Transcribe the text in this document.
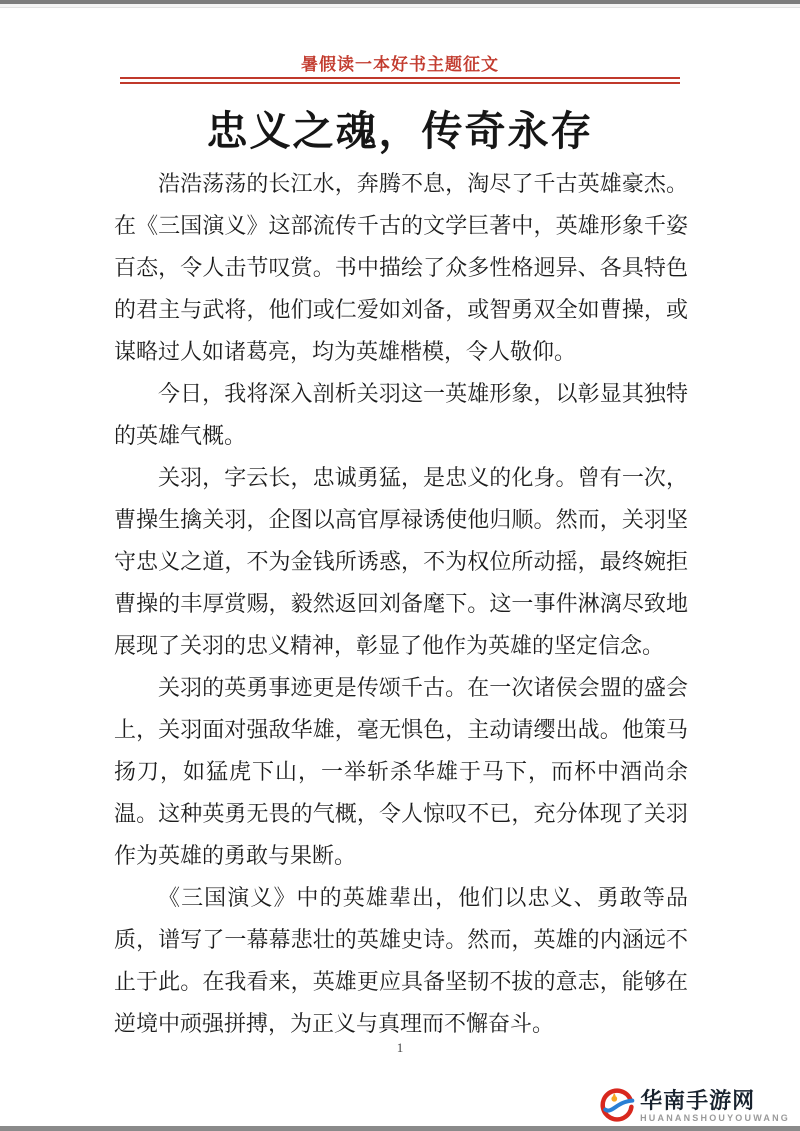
暑假读一本好书主题征文
忠义之魂，传奇永存

浩浩荡荡的长江水，奔腾不息，淘尽了千古英雄豪杰。在《三国演义》这部流传千古的文学巨著中，英雄形象千姿百态，令人击节叹赏。书中描绘了众多性格迥异、各具特色的君主与武将，他们或仁爱如刘备，或智勇双全如曹操，或谋略过人如诸葛亮，均为英雄楷模，令人敬仰。

今日，我将深入剖析关羽这一英雄形象，以彰显其独特的英雄气概。

关羽，字云长，忠诚勇猛，是忠义的化身。曾有一次，曹操生擒关羽，企图以高官厚禄诱使他归顺。然而，关羽坚守忠义之道，不为金钱所诱惑，不为权位所动摇，最终婉拒曹操的丰厚赏赐，毅然返回刘备麾下。这一事件淋漓尽致地展现了关羽的忠义精神，彰显了他作为英雄的坚定信念。

关羽的英勇事迹更是传颂千古。在一次诸侯会盟的盛会上，关羽面对强敌华雄，毫无惧色，主动请缨出战。他策马扬刀，如猛虎下山，一举斩杀华雄于马下，而杯中酒尚余温。这种英勇无畏的气概，令人惊叹不已，充分体现了关羽作为英雄的勇敢与果断。

《三国演义》中的英雄辈出，他们以忠义、勇敢等品质，谱写了一幕幕悲壮的英雄史诗。然而，英雄的内涵远不止于此。在我看来，英雄更应具备坚韧不拔的意志，能够在逆境中顽强拼搏，为正义与真理而不懈奋斗。

1
华南手游网
HUANANSHOUYOUWANG
